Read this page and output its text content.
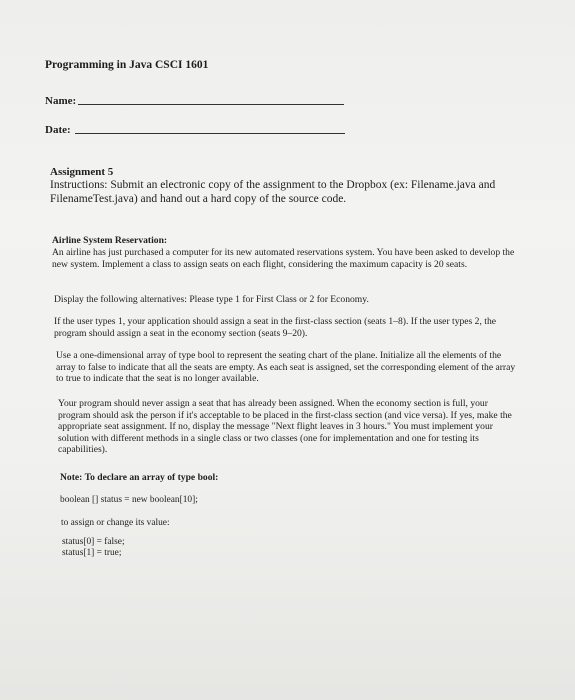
Programming in Java CSCI 1601
Name:
Date:
Assignment 5
Instructions: Submit an electronic copy of the assignment to the Dropbox (ex: Filename.java and FilenameTest.java) and hand out a hard copy of the source code.
Airline System Reservation:
An airline has just purchased a computer for its new automated reservations system. You have been asked to develop the new system. Implement a class to assign seats on each flight, considering the maximum capacity is 20 seats.
Display the following alternatives: Please type 1 for First Class or 2 for Economy.
If the user types 1, your application should assign a seat in the first-class section (seats 1–8). If the user types 2, the program should assign a seat in the economy section (seats 9–20).
Use a one-dimensional array of type bool to represent the seating chart of the plane. Initialize all the elements of the array to false to indicate that all the seats are empty. As each seat is assigned, set the corresponding element of the array to true to indicate that the seat is no longer available.
Your program should never assign a seat that has already been assigned. When the economy section is full, your program should ask the person if it's acceptable to be placed in the first-class section (and vice versa). If yes, make the appropriate seat assignment. If no, display the message "Next flight leaves in 3 hours." You must implement your solution with different methods in a single class or two classes (one for implementation and one for testing its capabilities).
Note: To declare an array of type bool:
boolean [] status = new boolean[10];
to assign or change its value:
status[0] = false;
status[1] = true;
